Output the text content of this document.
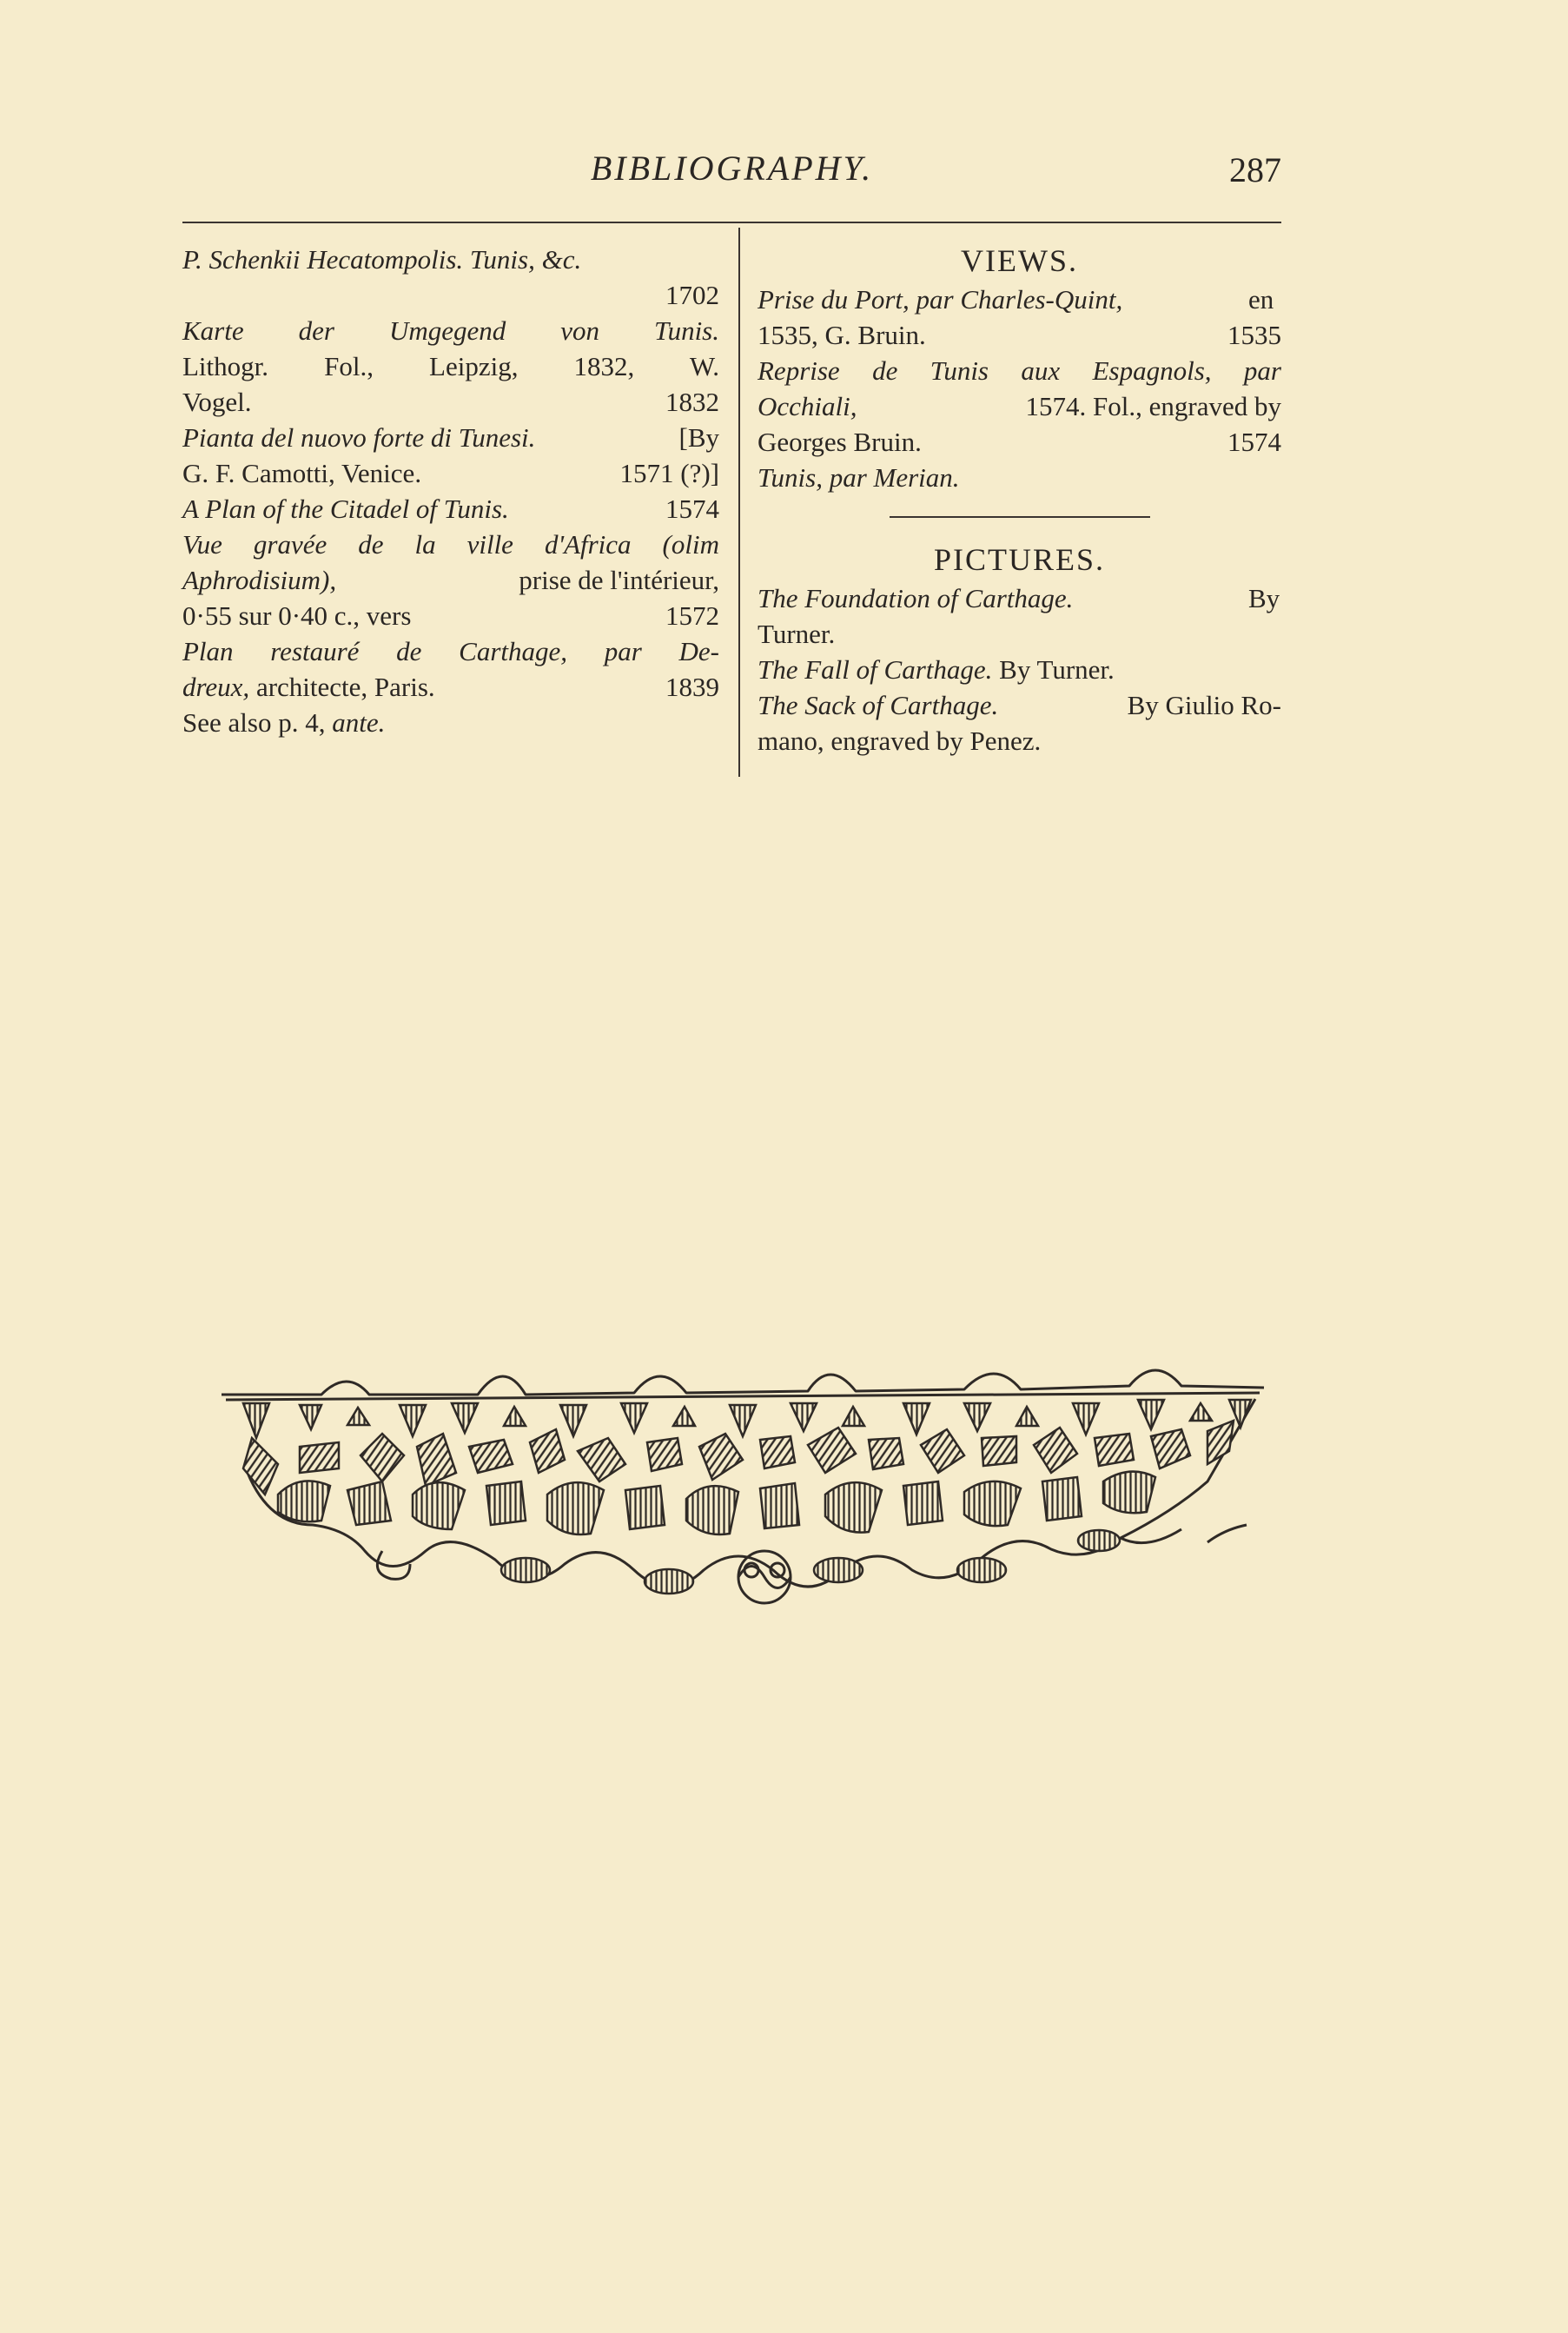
BIBLIOGRAPHY.	287

P. Schenkii Hecatompolis. Tunis, &c.
1702

Karte der Umgegend von Tunis.
Lithogr. Fol., Leipzig, 1832, W.
Vogel.	1832

Pianta del nuovo forte di Tunesi.	[By
G. F. Camotti, Venice.	1571 (?)]

A Plan of the Citadel of Tunis.	1574

Vue gravée de la ville d'Africa (olim
Aphrodisium),	prise de l'intérieur,
0·55 sur 0·40 c., vers	1572

Plan restauré de Carthage, par De-
dreux, architecte, Paris.	1839
See also p. 4, ante.

VIEWS.

Prise du Port, par Charles-Quint,	en
1535, G. Bruin.	1535

Reprise de Tunis aux Espagnols, par
Occhiali,	1574. Fol., engraved by
Georges Bruin.	1574

Tunis, par Merian.

PICTURES.

The Foundation of Carthage.	By
Turner.

The Fall of Carthage. By Turner.

The Sack of Carthage.	By Giulio Ro-
mano, engraved by Penez.
